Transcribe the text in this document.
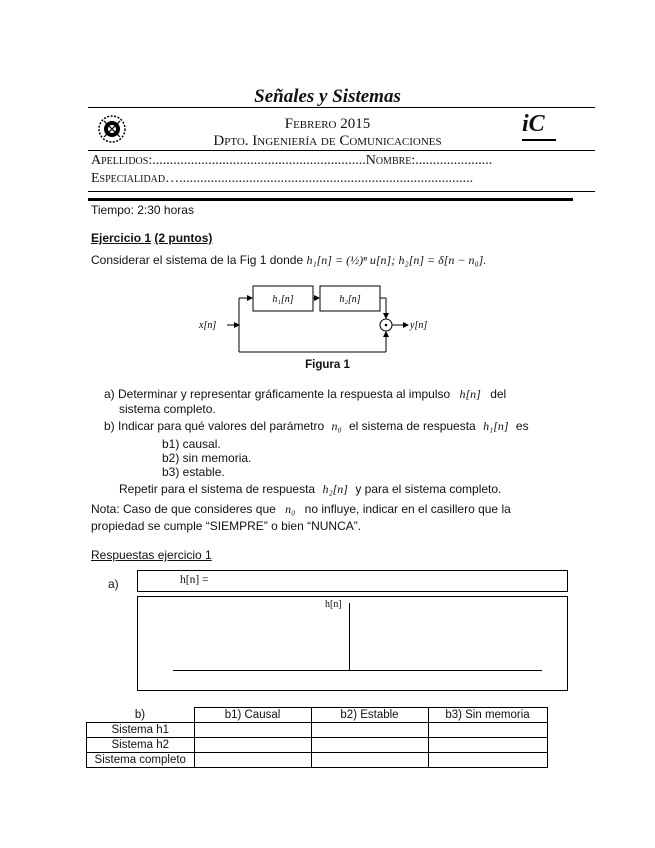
Señales y Sistemas
Febrero 2015
Dpto. Ingeniería de Comunicaciones
iC
Apellidos:.............................................................Nombre:......................
Especialidad…....................................................................................
Tiempo: 2:30 horas
Ejercicio 1 (2 puntos)
Considerar el sistema de la Fig 1 donde h₁[n] = (½)ⁿ u[n]; h₂[n] = δ[n − n₀].
h₁[n]	h₂[n]
x[n]	y[n]
Figura 1
a) Determinar y representar gráficamente la respuesta al impulso h[n] del
sistema completo.
b) Indicar para qué valores del parámetro n₀ el sistema de respuesta h₁[n] es
b1) causal.
b2) sin memoria.
b3) estable.
Repetir para el sistema de respuesta h₂[n] y para el sistema completo.
Nota: Caso de que consideres que n₀ no influye, indicar en el casillero que la
propiedad se cumple “SIEMPRE” o bien “NUNCA”.
Respuestas ejercicio 1
a)	h[n] =
h[n]
b)	b1) Causal	b2) Estable	b3) Sin memoria
Sistema h1			
Sistema h2			
Sistema completo			
